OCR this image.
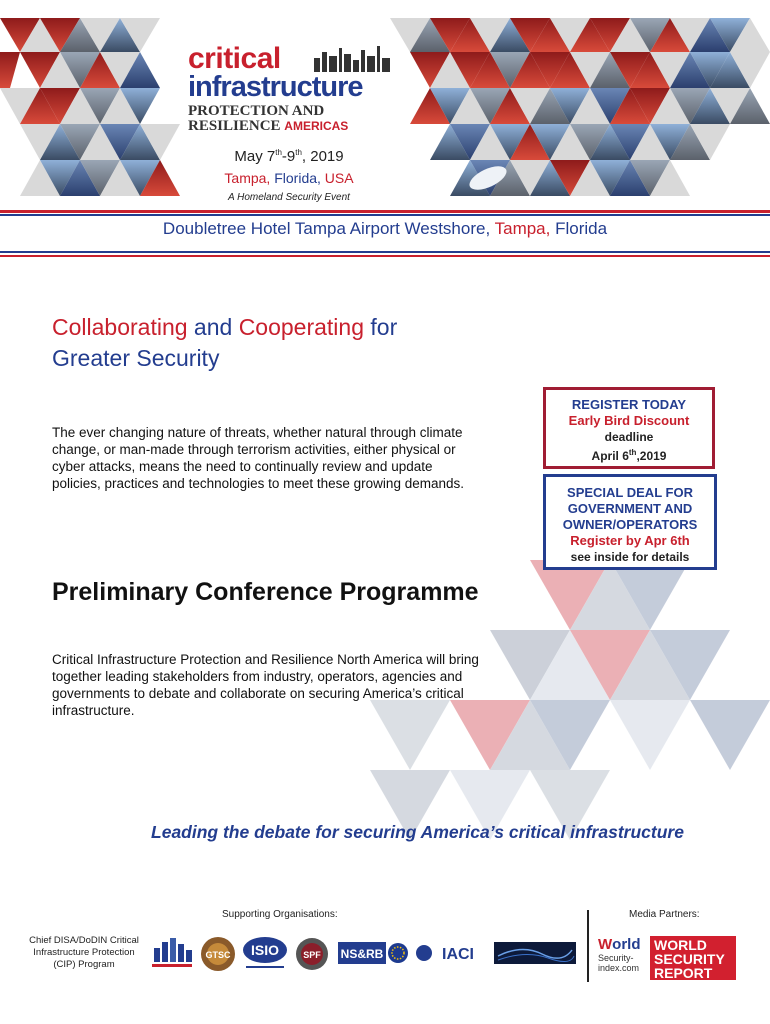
critical
infrastructure
PROTECTION AND
RESILIENCE AMERICAS
May 7th-9th, 2019
Tampa, Florida, USA
A Homeland Security Event
Doubletree Hotel Tampa Airport Westshore, Tampa, Florida
Collaborating and Cooperating for
Greater Security
The ever changing nature of threats, whether natural through climate change, or man-made through terrorism activities, either physical or cyber attacks, means the need to continually review and update policies, practices and technologies to meet these growing demands.
REGISTER TODAY
Early Bird Discount
deadline
April 6th,2019
SPECIAL DEAL FOR
GOVERNMENT AND
OWNER/OPERATORS
Register by Apr 6th
see inside for details
Preliminary Conference Programme
Critical Infrastructure Protection and Resilience North America will bring together leading stakeholders from industry, operators, agencies and governments to debate and collaborate on securing America’s critical infrastructure.
Leading the debate for securing America’s critical infrastructure
Supporting Organisations:	Media Partners:
Chief DISA/DoDIN Critical Infrastructure Protection (CIP) Program
GTSC ISIO	SPF NS&RB	IACI
World
Security-
index.com
WORLD
SECURITY
REPORT
